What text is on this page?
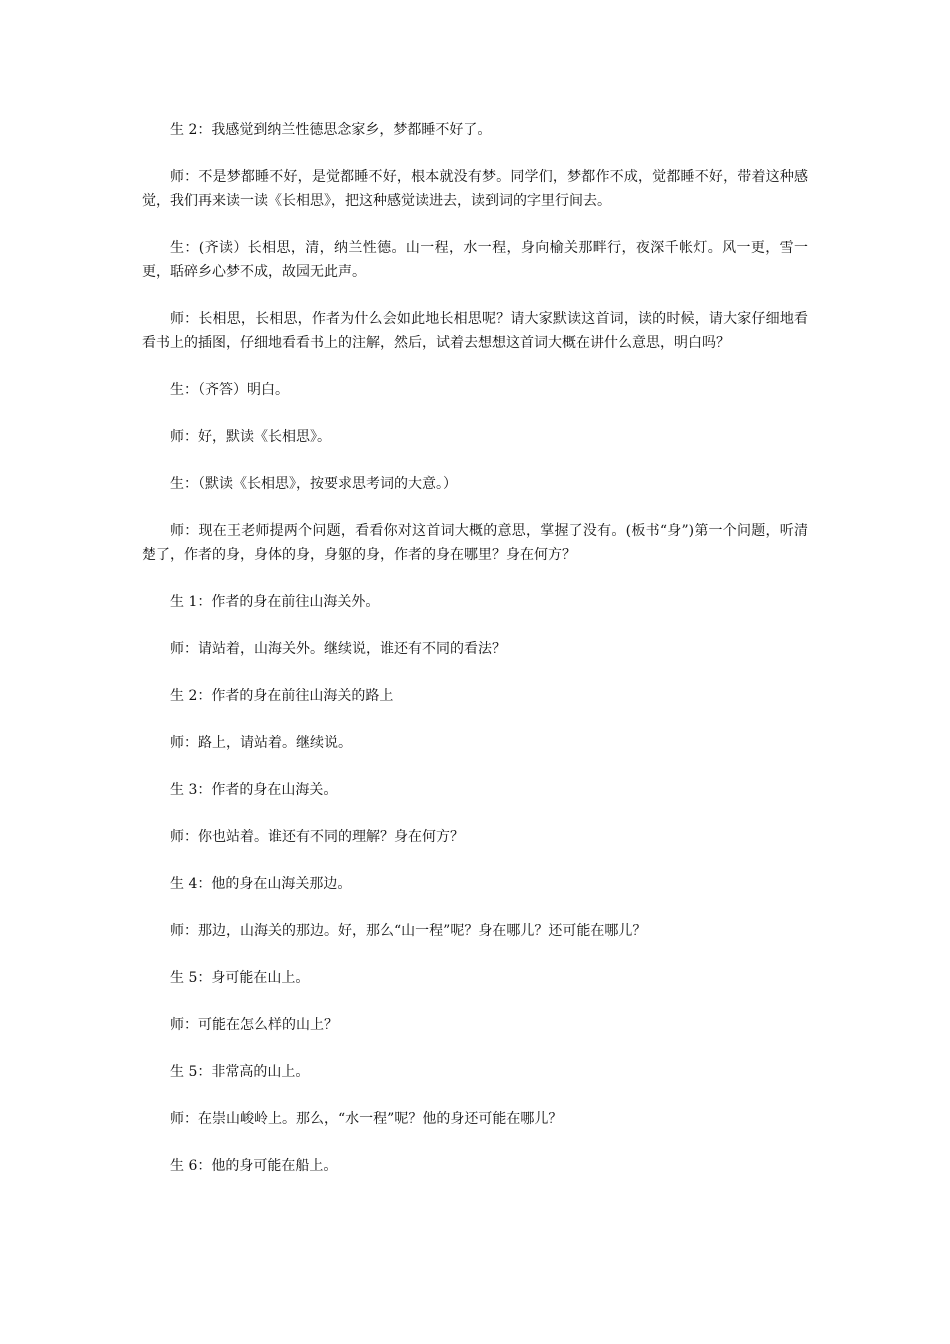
生 2：我感觉到纳兰性德思念家乡，梦都睡不好了。

师：不是梦都睡不好，是觉都睡不好，根本就没有梦。同学们，梦都作不成，觉都睡不好，带着这种感觉，我们再来读一读《长相思》，把这种感觉读进去，读到词的字里行间去。

生：(齐读）长相思，清，纳兰性德。山一程，水一程，身向榆关那畔行，夜深千帐灯。风一更，雪一更，聒碎乡心梦不成，故园无此声。

师：长相思，长相思，作者为什么会如此地长相思呢？请大家默读这首词，读的时候，请大家仔细地看看书上的插图，仔细地看看书上的注解，然后，试着去想想这首词大概在讲什么意思，明白吗？

生：（齐答）明白。

师：好，默读《长相思》。

生：（默读《长相思》，按要求思考词的大意。）

师：现在王老师提两个问题，看看你对这首词大概的意思，掌握了没有。(板书“身”)第一个问题，听清楚了，作者的身，身体的身，身躯的身，作者的身在哪里？身在何方？

生 1：作者的身在前往山海关外。

师：请站着，山海关外。继续说，谁还有不同的看法？

生 2：作者的身在前往山海关的路上

师：路上，请站着。继续说。

生 3：作者的身在山海关。

师：你也站着。谁还有不同的理解？身在何方？

生 4：他的身在山海关那边。

师：那边，山海关的那边。好，那么“山一程”呢？身在哪儿？还可能在哪儿？

生 5：身可能在山上。

师：可能在怎么样的山上？

生 5：非常高的山上。

师：在崇山峻岭上。那么，“水一程”呢？他的身还可能在哪儿？

生 6：他的身可能在船上。
